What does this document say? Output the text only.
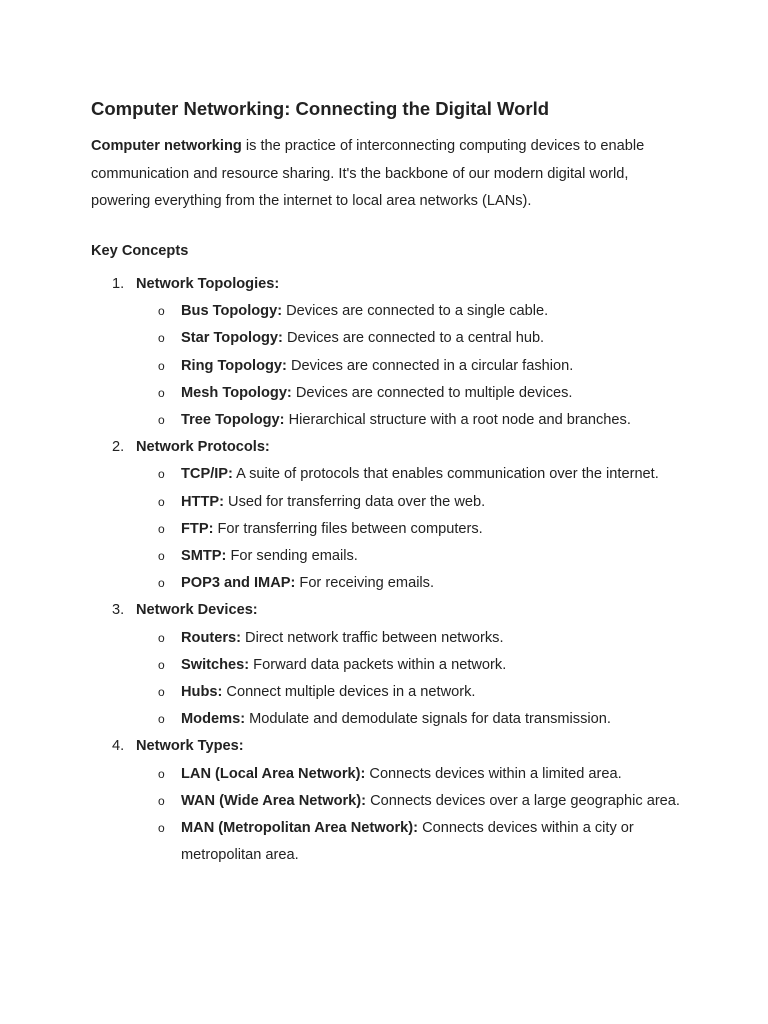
Computer Networking: Connecting the Digital World

Computer networking is the practice of interconnecting computing devices to enable communication and resource sharing. It's the backbone of our modern digital world, powering everything from the internet to local area networks (LANs).

Key Concepts
1. Network Topologies:
o Bus Topology: Devices are connected to a single cable.
o Star Topology: Devices are connected to a central hub.
o Ring Topology: Devices are connected in a circular fashion.
o Mesh Topology: Devices are connected to multiple devices.
o Tree Topology: Hierarchical structure with a root node and branches.
2. Network Protocols:
o TCP/IP: A suite of protocols that enables communication over the internet.
o HTTP: Used for transferring data over the web.
o FTP: For transferring files between computers.
o SMTP: For sending emails.
o POP3 and IMAP: For receiving emails.
3. Network Devices:
o Routers: Direct network traffic between networks.
o Switches: Forward data packets within a network.
o Hubs: Connect multiple devices in a network.
o Modems: Modulate and demodulate signals for data transmission.
4. Network Types:
o LAN (Local Area Network): Connects devices within a limited area.
o WAN (Wide Area Network): Connects devices over a large geographic area.
o MAN (Metropolitan Area Network): Connects devices within a city or metropolitan area.
